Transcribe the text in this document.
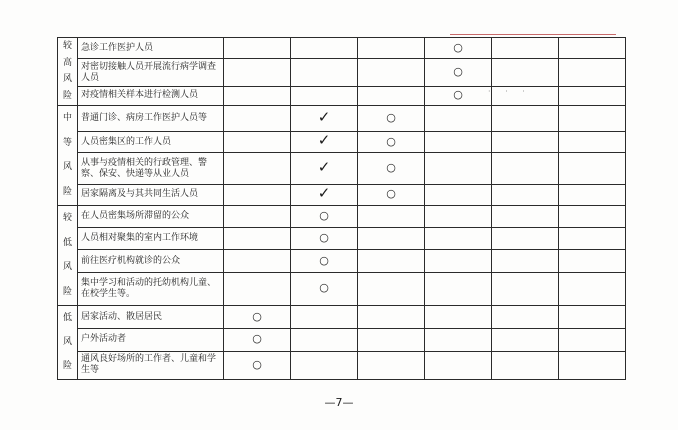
· · ·
较
高
风
险	急诊工作医护人员				○		
	对密切接触人员开展流行病学调查人员				○		
	对疫情相关样本进行检测人员				○		

中
等
风
险	普通门诊、病房工作医护人员等		✓	○			
	人员密集区的工作人员		✓	○			
	从事与疫情相关的行政管理、警察、保安、快递等从业人员		✓	○			
	居家隔离及与其共同生活人员		✓	○			

较
低
风
险	在人员密集场所滞留的公众		○				
	人员相对聚集的室内工作环境		○				
	前往医疗机构就诊的公众		○				
	集中学习和活动的托幼机构儿童、在校学生等。		○				

低
风
险	居家活动、散居居民	○					
	户外活动者	○					
	通风良好场所的工作者、儿童和学生等	○					
—7—
